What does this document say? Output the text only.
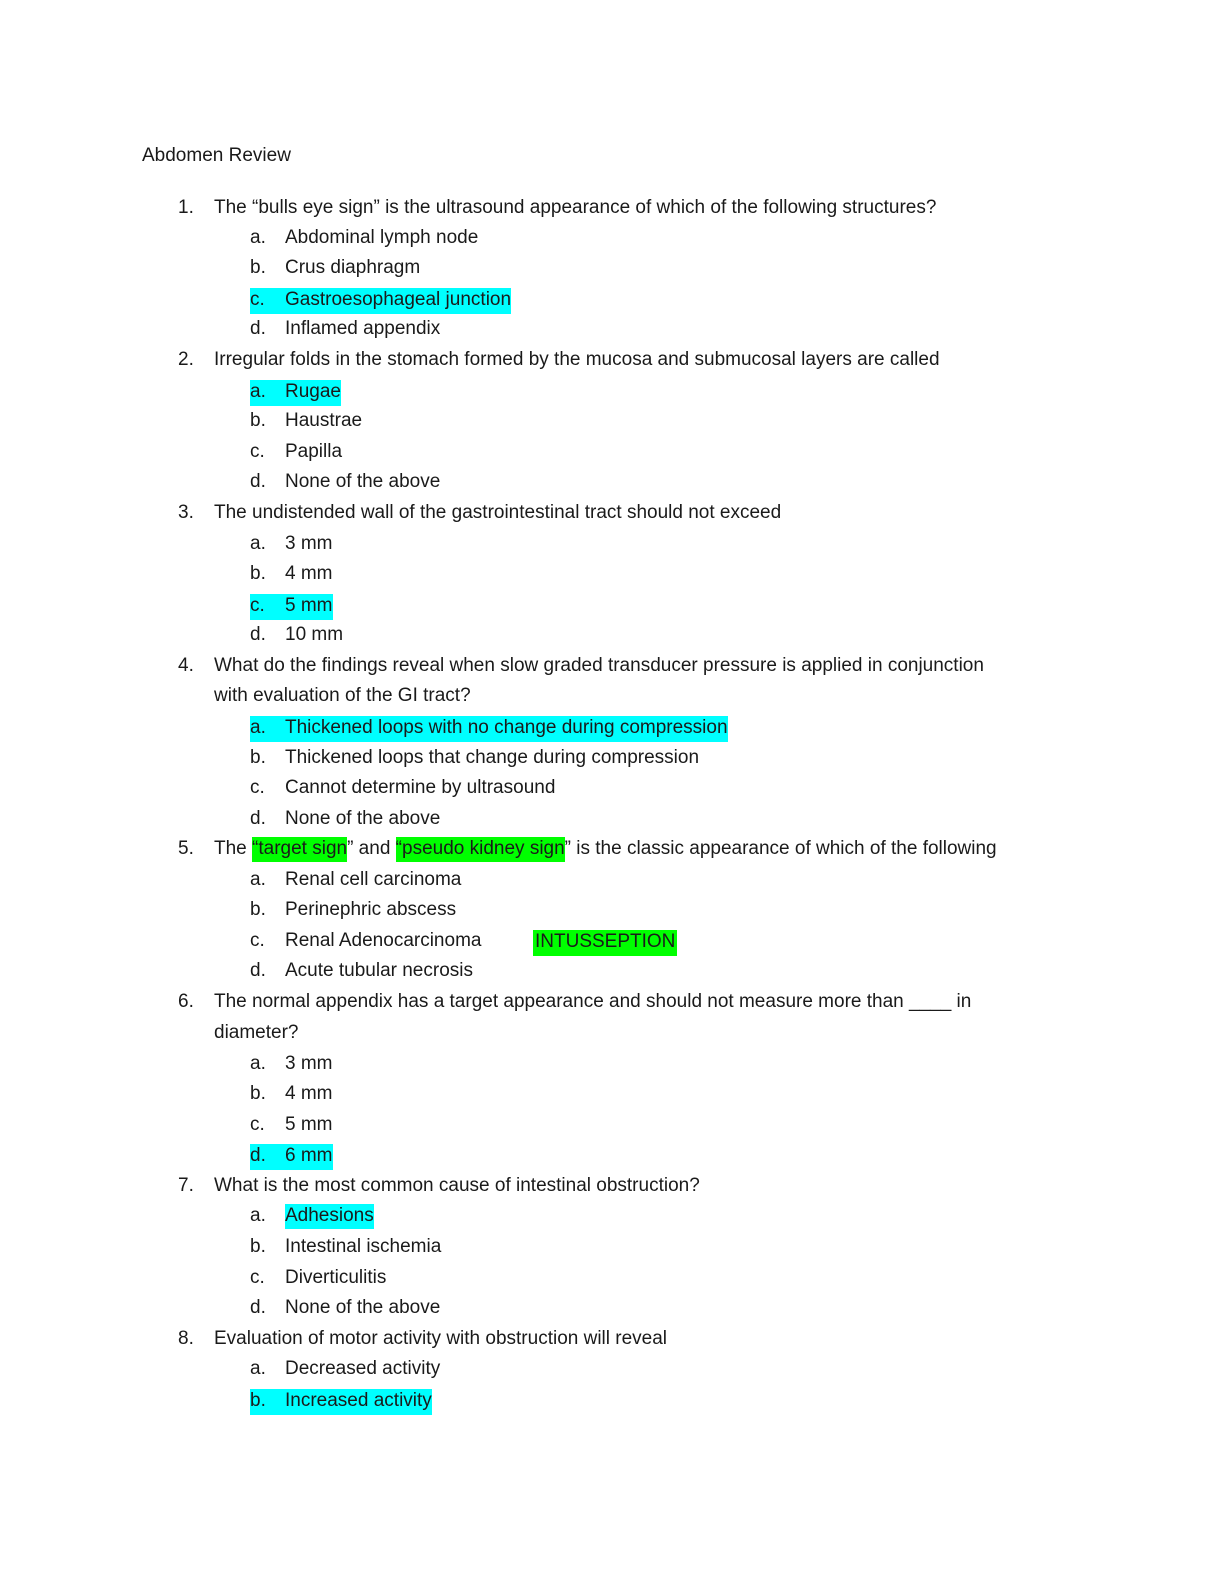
Abdomen Review
1. The “bulls eye sign” is the ultrasound appearance of which of the following structures?
a. Abdominal lymph node
b. Crus diaphragm
c. Gastroesophageal junction
d. Inflamed appendix
2. Irregular folds in the stomach formed by the mucosa and submucosal layers are called
a. Rugae
b. Haustrae
c. Papilla
d. None of the above
3. The undistended wall of the gastrointestinal tract should not exceed
a. 3 mm
b. 4 mm
c. 5 mm
d. 10 mm
4. What do the findings reveal when slow graded transducer pressure is applied in conjunction
with evaluation of the GI tract?
a. Thickened loops with no change during compression
b. Thickened loops that change during compression
c. Cannot determine by ultrasound
d. None of the above
5. The “target sign” and “pseudo kidney sign” is the classic appearance of which of the following
a. Renal cell carcinoma
b. Perinephric abscess
c. Renal Adenocarcinoma	INTUSSEPTION
d. Acute tubular necrosis
6. The normal appendix has a target appearance and should not measure more than ____ in
diameter?
a. 3 mm
b. 4 mm
c. 5 mm
d. 6 mm
7. What is the most common cause of intestinal obstruction?
a. Adhesions
b. Intestinal ischemia
c. Diverticulitis
d. None of the above
8. Evaluation of motor activity with obstruction will reveal
a. Decreased activity
b. Increased activity
